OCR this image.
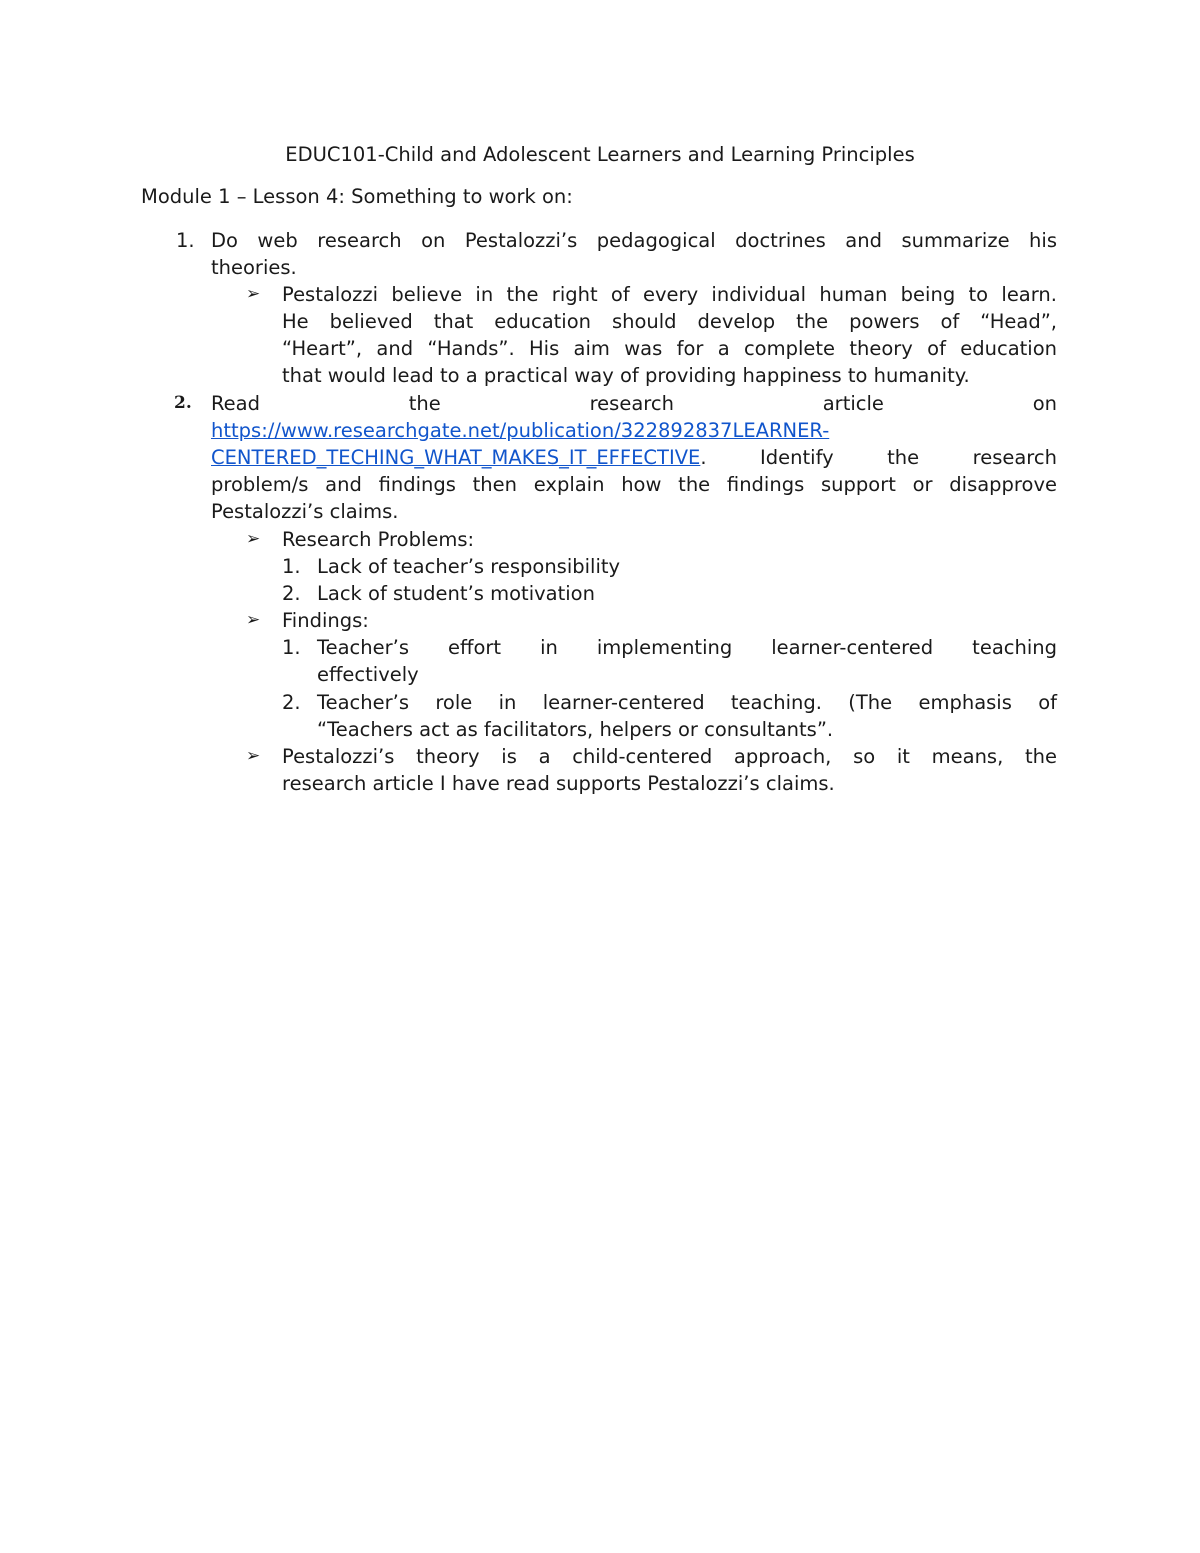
EDUC101-Child and Adolescent Learners and Learning Principles
Module 1 – Lesson 4: Something to work on:
1. Do web research on Pestalozzi’s pedagogical doctrines and summarize his
theories.
➢ Pestalozzi believe in the right of every individual human being to learn.
He believed that education should develop the powers of “Head”,
“Heart”, and “Hands”. His aim was for a complete theory of education
that would lead to a practical way of providing happiness to humanity.
2. Read	the	research	article	on
https://www.researchgate.net/publication/322892837LEARNER-
CENTERED_TECHING_WHAT_MAKES_IT_EFFECTIVE .	Identify	the	research
problem/s and findings then explain how the findings support or disapprove
Pestalozzi’s claims.
➢ Research Problems:
1. Lack of teacher’s responsibility
2. Lack of student’s motivation
➢ Findings:
1. Teacher’s effort in implementing learner-centered teaching
effectively
2. Teacher’s role in learner-centered teaching. (The emphasis of
“Teachers act as facilitators, helpers or consultants”.
➢ Pestalozzi’s theory is a child-centered approach, so it means, the
research article I have read supports Pestalozzi’s claims.
